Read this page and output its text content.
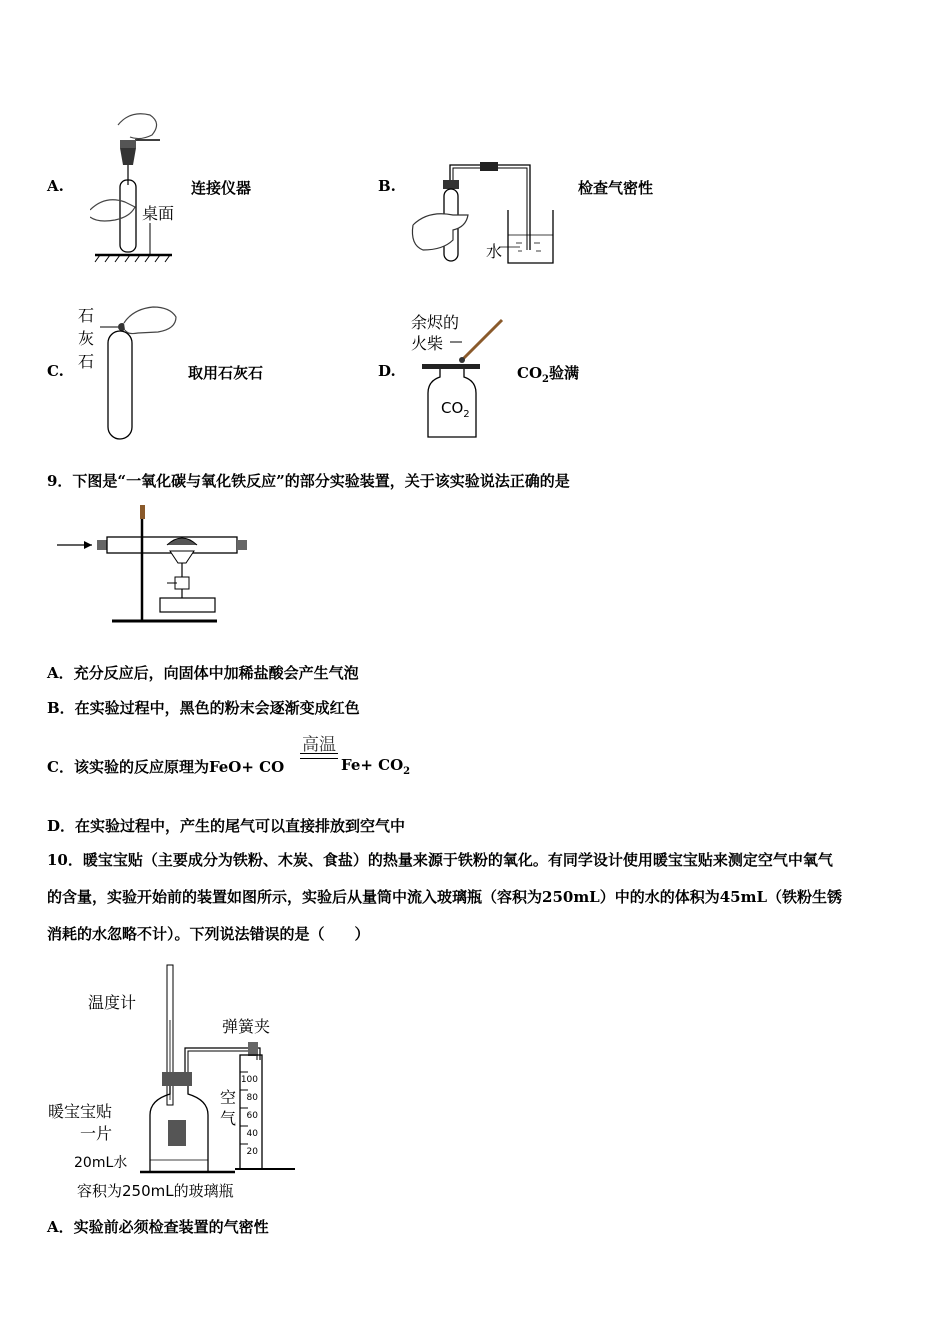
A.
桌面
连接仪器	B.
水
检查气密性
C.
石
灰
石
取用石灰石	D.
余烬的
火柴
$CO_2$
$CO_2$验满
9．下图是“一氧化碳与氧化铁反应”的部分实验装置，关于该实验说法正确的是
A．充分反应后，向固体中加稀盐酸会产生气泡
B．在实验过程中，黑色的粉末会逐渐变成红色
C．该实验的反应原理为FeO+ CO
高温
$Fe+ CO_2$
D．在实验过程中，产生的尾气可以直接排放到空气中
10．暖宝宝贴（主要成分为铁粉、木炭、食盐）的热量来源于铁粉的氧化。有同学设计使用暖宝宝贴来测定空气中氧气
的含量，实验开始前的装置如图所示，实验后从量筒中流入玻璃瓶（容积为250mL）中的水的体积为45mL（铁粉生锈
消耗的水忽略不计）。下列说法错误的是（　　）
100
80
60
40
20
温度计
弹簧夹
暖宝宝贴
一片
空
气
20mL水
容积为250mL的玻璃瓶
A．实验前必须检查装置的气密性
